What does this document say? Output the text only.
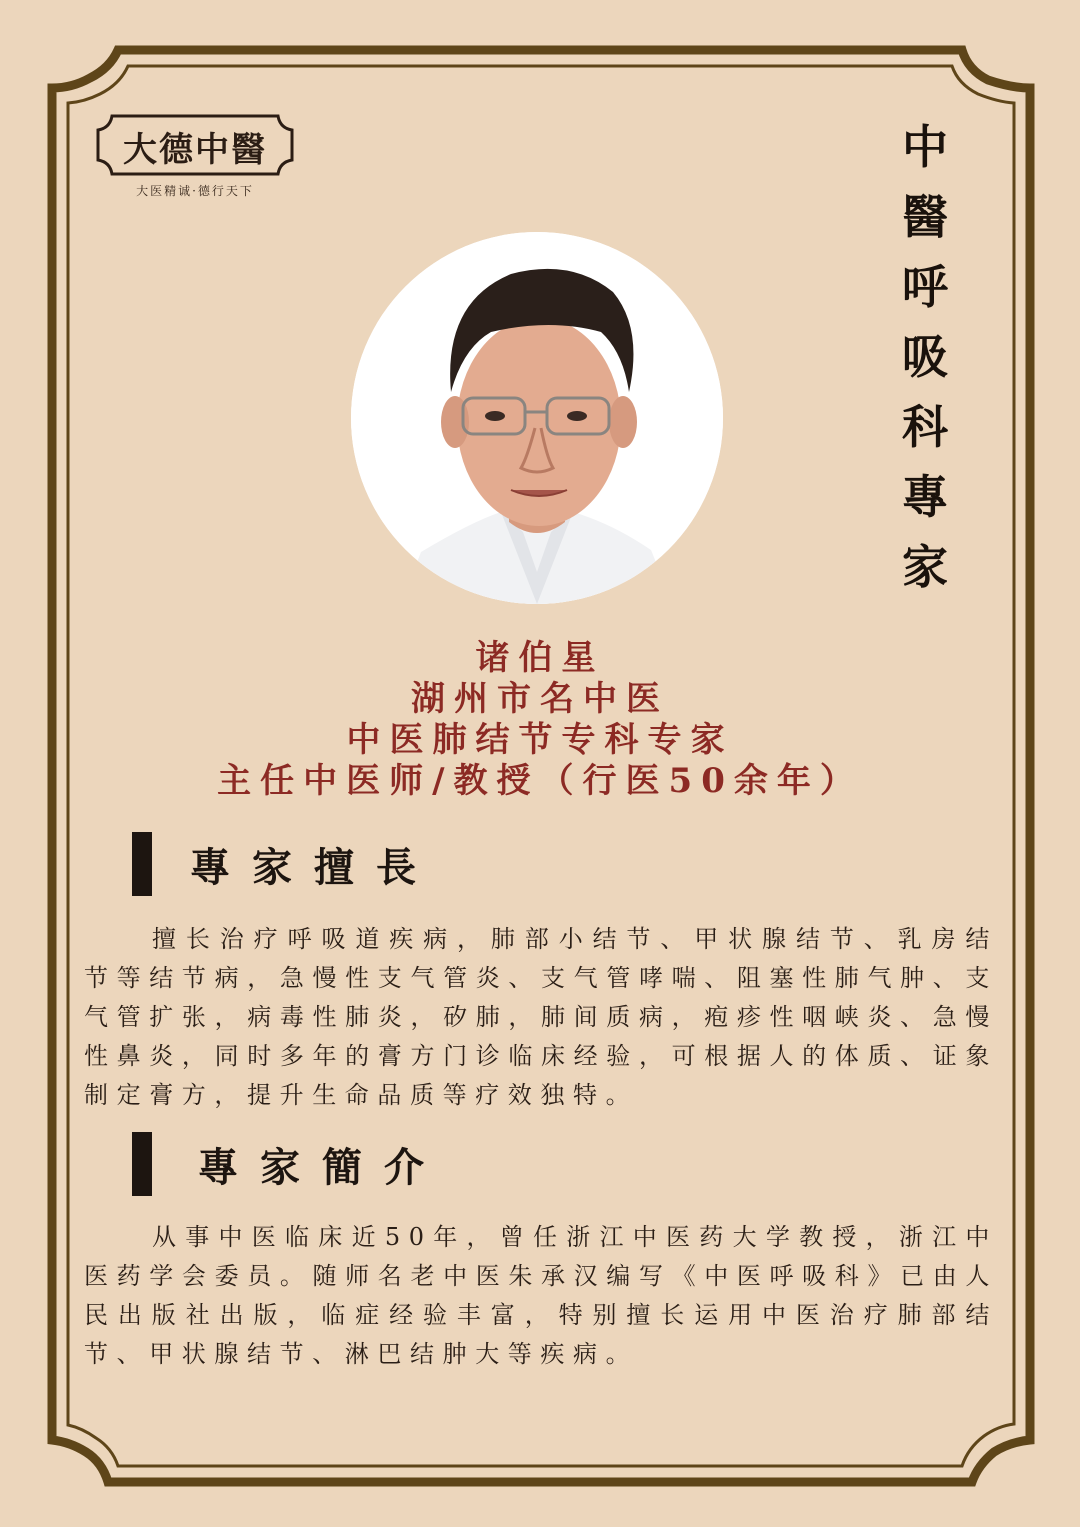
大德中醫
大医精诚·德行天下
中
醫
呼
吸
科
專
家
诸伯星
湖州市名中医
中医肺结节专科专家
主任中医师/教授（行医50余年）
專家擅長
擅长治疗呼吸道疾病，肺部小结节、甲状腺结节、乳房结节等结节病，急慢性支气管炎、支气管哮喘、阻塞性肺气肿、支气管扩张，病毒性肺炎，矽肺，肺间质病，疱疹性咽峡炎、急慢性鼻炎，同时多年的膏方门诊临床经验，可根据人的体质、证象制定膏方，提升生命品质等疗效独特。
專家簡介
从事中医临床近50年，曾任浙江中医药大学教授，浙江中医药学会委员。随师名老中医朱承汉编写《中医呼吸科》已由人民出版社出版，临症经验丰富，特别擅长运用中医治疗肺部结节、甲状腺结节、淋巴结肿大等疾病。
